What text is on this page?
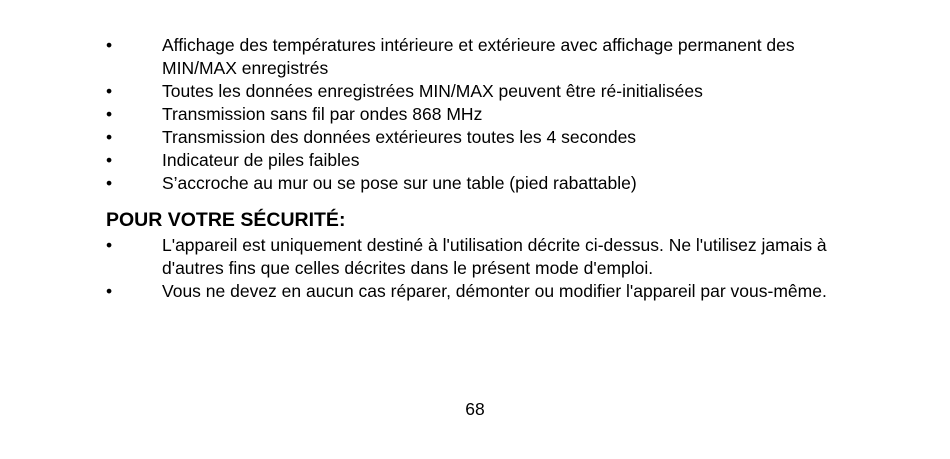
•	Affichage des températures intérieure et extérieure avec affichage permanent des MIN/MAX enregistrés
•	Toutes les données enregistrées MIN/MAX peuvent être ré-initialisées
•	Transmission sans fil par ondes 868 MHz
•	Transmission des données extérieures toutes les 4 secondes
•	Indicateur de piles faibles
•	S’accroche au mur ou se pose sur une table (pied rabattable)
POUR VOTRE SÉCURITÉ:
•	L'appareil est uniquement destiné à l'utilisation décrite ci-dessus. Ne l'utilisez jamais à d'autres fins que celles décrites dans le présent mode d'emploi.
•	Vous ne devez en aucun cas réparer, démonter ou modifier l'appareil par vous-même.
68
